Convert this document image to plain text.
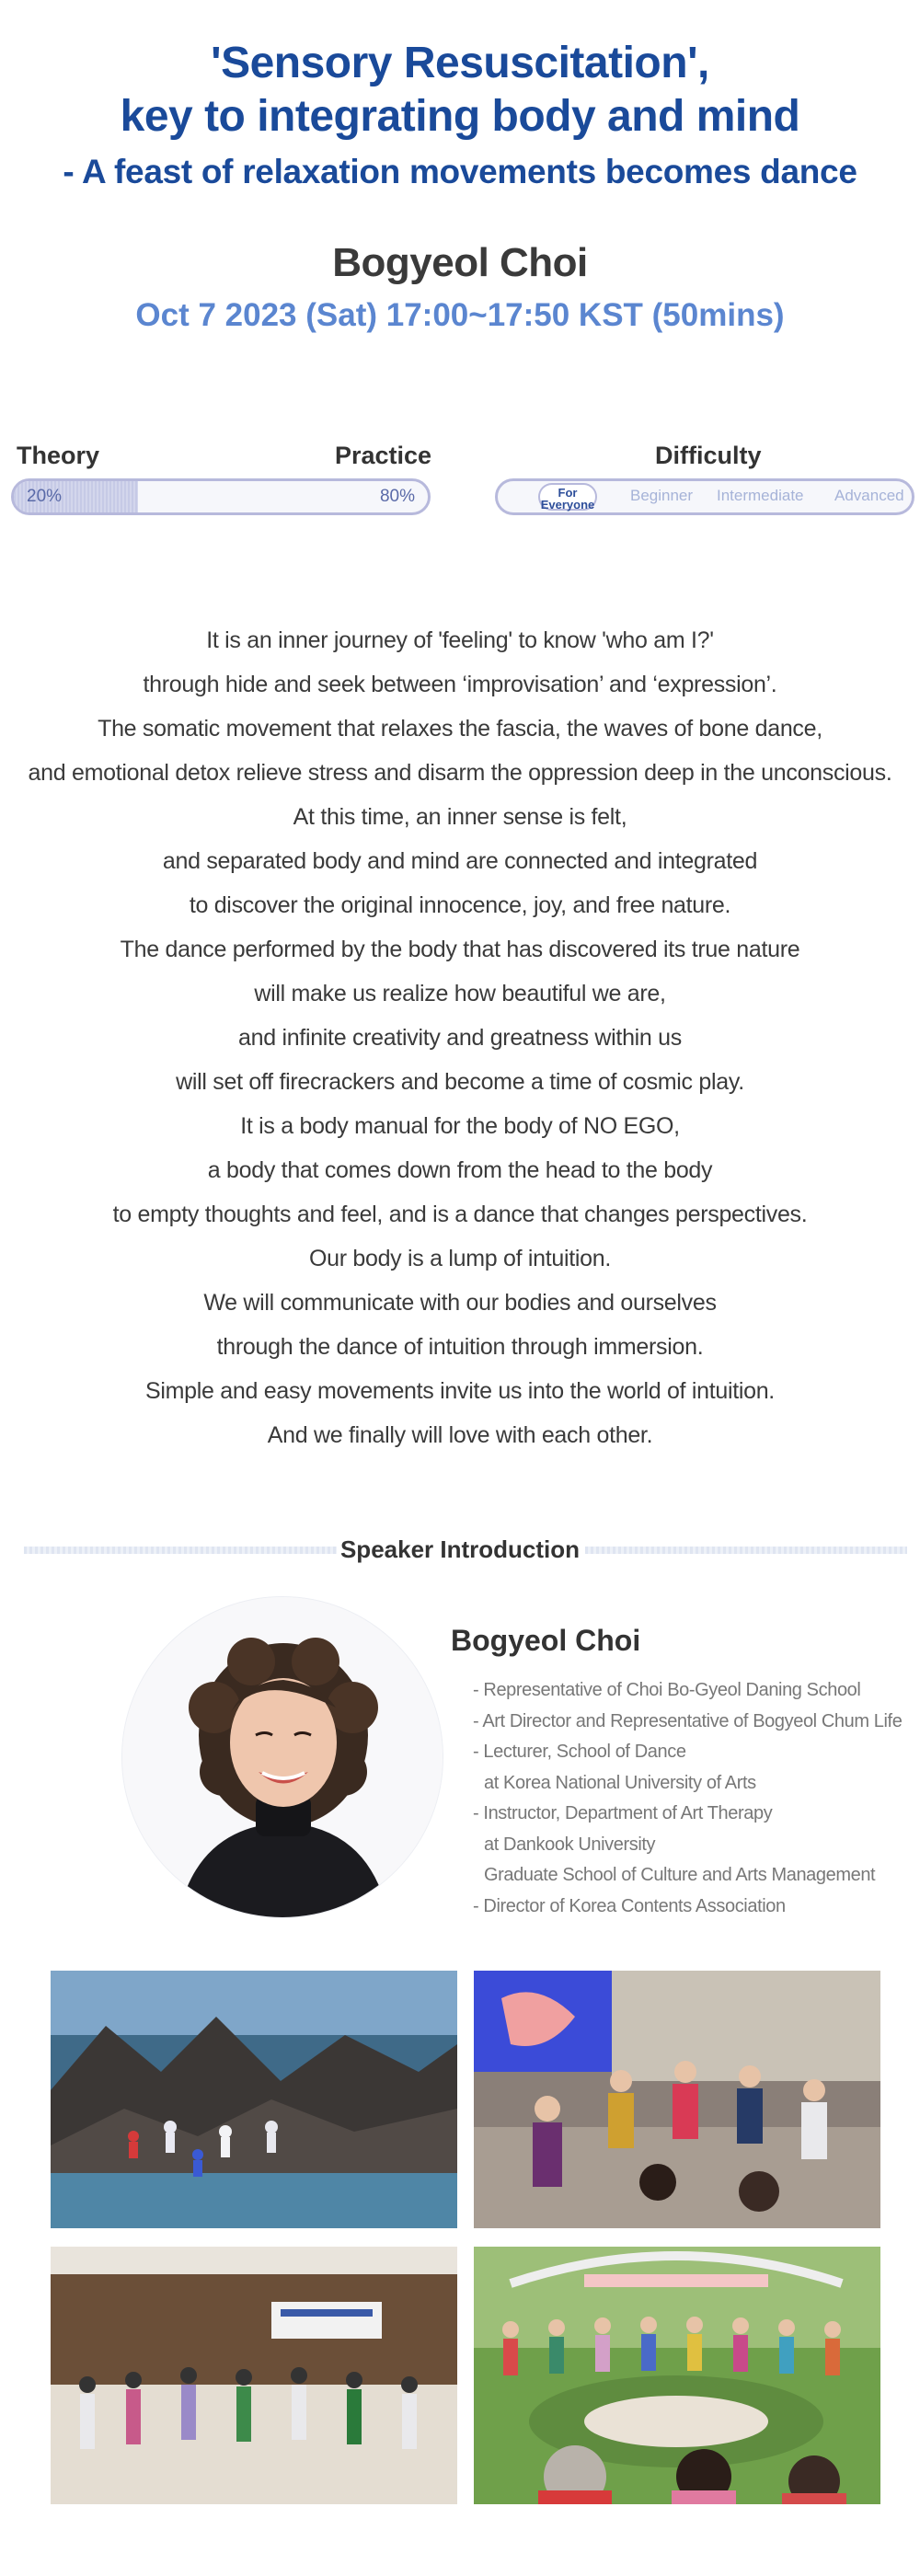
'Sensory Resuscitation',
key to integrating body and mind
- A feast of relaxation movements becomes dance
Bogyeol Choi
Oct 7 2023 (Sat) 17:00~17:50 KST (50mins)
Theory	Practice
20%	80%
Difficulty
For
Everyone
Beginner Intermediate Advanced

It is an inner journey of 'feeling' to know 'who am I?'

through hide and seek between ‘improvisation’ and ‘expression’.

The somatic movement that relaxes the fascia, the waves of bone dance,

and emotional detox relieve stress and disarm the oppression deep in the unconscious.

At this time, an inner sense is felt,

and separated body and mind are connected and integrated

to discover the original innocence, joy, and free nature.

The dance performed by the body that has discovered its true nature

will make us realize how beautiful we are,

and infinite creativity and greatness within us

will set off firecrackers and become a time of cosmic play.

It is a body manual for the body of NO EGO,

a body that comes down from the head to the body

to empty thoughts and feel, and is a dance that changes perspectives.

Our body is a lump of intuition.

We will communicate with our bodies and ourselves

through the dance of intuition through immersion.

Simple and easy movements invite us into the world of intuition.

And we finally will love with each other.

Speaker Introduction
Bogyeol Choi
- Representative of Choi Bo-Gyeol Daning School
- Art Director and Representative of Bogyeol Chum Life
- Lecturer, School of Dance
at Korea National University of Arts
- Instructor, Department of Art Therapy
at Dankook University
Graduate School of Culture and Arts Management
- Director of Korea Contents Association
